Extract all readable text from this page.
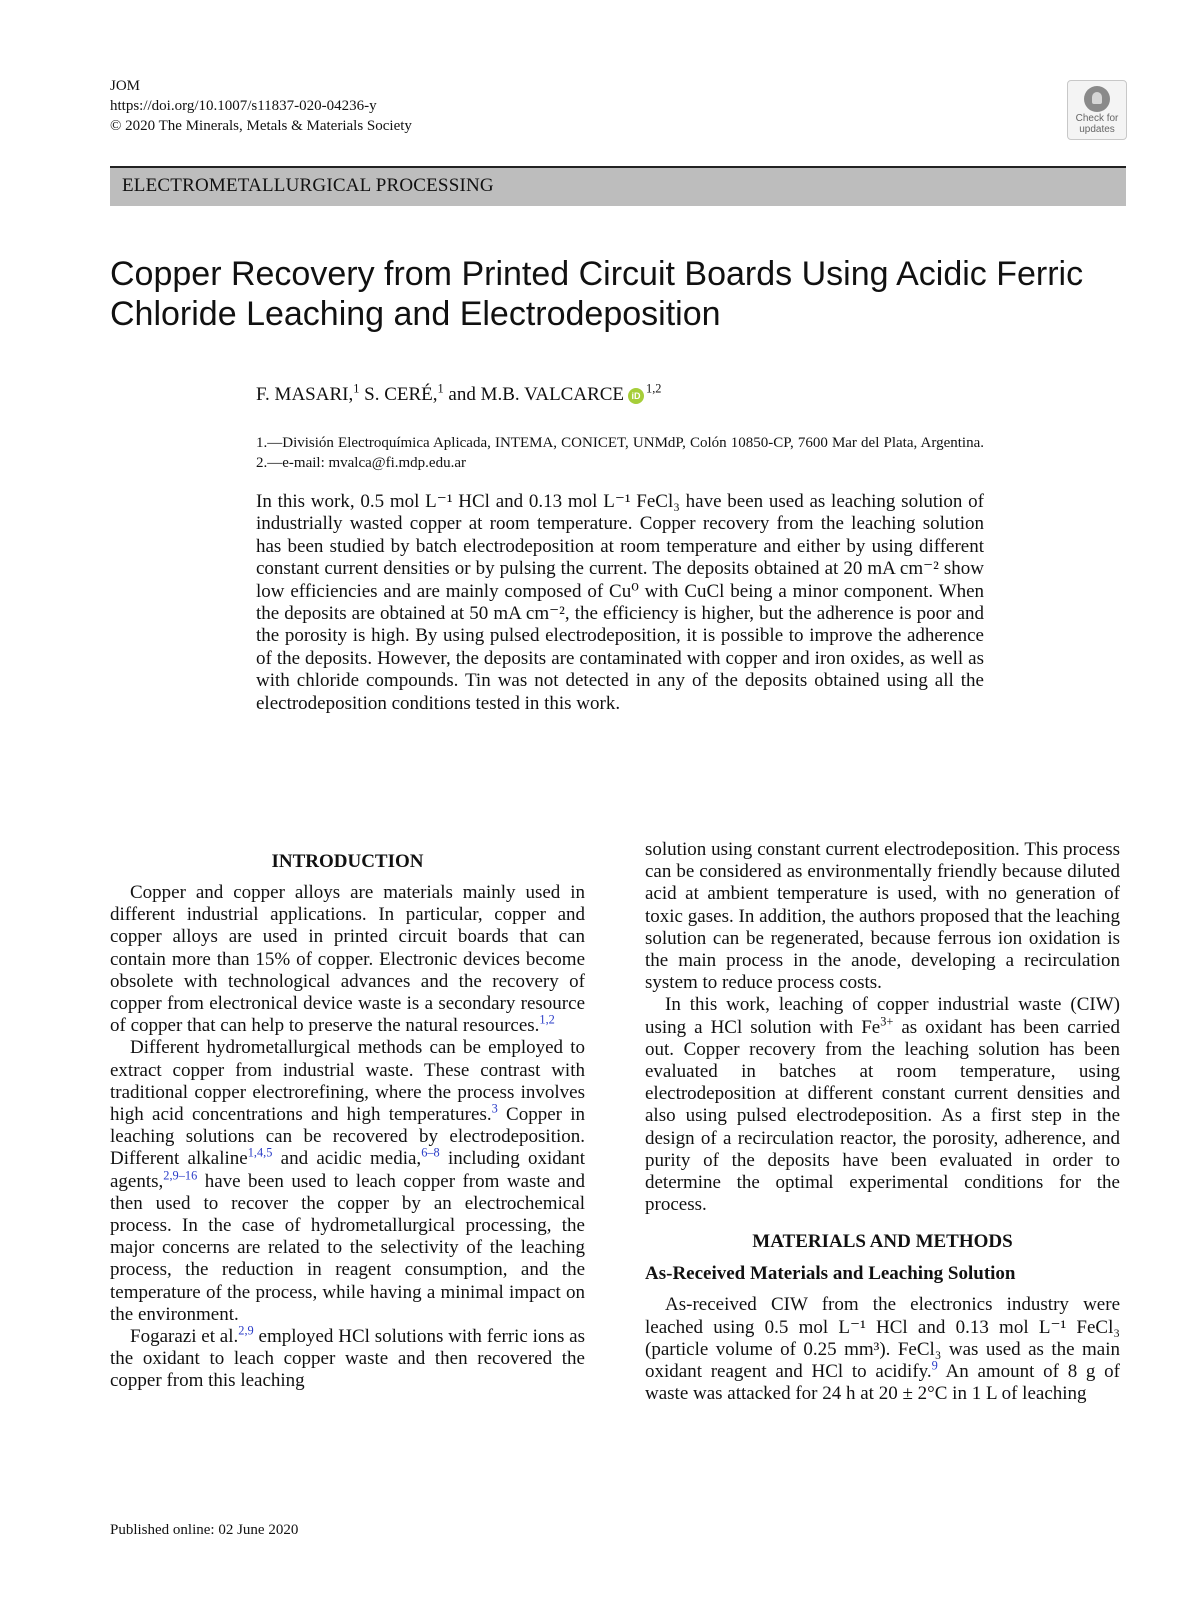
JOM
https://doi.org/10.1007/s11837-020-04236-y
© 2020 The Minerals, Metals & Materials Society	Check for
updates
ELECTROMETALLURGICAL PROCESSING
Copper Recovery from Printed Circuit Boards Using Acidic Ferric Chloride Leaching and Electrodeposition
F. MASARI,$^1$ S. CERÉ,$^1$ and M.B. VALCARCE iD$^{1,2}$
1.—División Electroquímica Aplicada, INTEMA, CONICET, UNMdP, Colón 10850-CP, 7600 Mar del Plata, Argentina. 2.—e-mail: mvalca@fi.mdp.edu.ar
In this work, 0.5 mol L⁻¹ HCl and 0.13 mol L⁻¹ FeCl₃ have been used as leaching solution of industrially wasted copper at room temperature. Copper recovery from the leaching solution has been studied by batch electrodeposition at room temperature and either by using different constant current densities or by pulsing the current. The deposits obtained at 20 mA cm⁻² show low efficiencies and are mainly composed of Cu⁰ with CuCl being a minor component. When the deposits are obtained at 50 mA cm⁻², the efficiency is higher, but the adherence is poor and the porosity is high. By using pulsed electrodeposition, it is possible to improve the adherence of the deposits. However, the deposits are contaminated with copper and iron oxides, as well as with chloride compounds. Tin was not detected in any of the deposits obtained using all the electrodeposition conditions tested in this work.
INTRODUCTION

Copper and copper alloys are materials mainly used in different industrial applications. In particular, copper and copper alloys are used in printed circuit boards that can contain more than 15% of copper. Electronic devices become obsolete with technological advances and the recovery of copper from electronical device waste is a secondary resource of copper that can help to preserve the natural resources.$^{1,2}$

Different hydrometallurgical methods can be employed to extract copper from industrial waste. These contrast with traditional copper electrorefining, where the process involves high acid concentrations and high temperatures.$^3$ Copper in leaching solutions can be recovered by electrodeposition. Different alkaline$^{1,4,5}$ and acidic media,$^{6-8}$ including oxidant agents,$^{2,9-16}$ have been used to leach copper from waste and then used to recover the copper by an electrochemical process. In the case of hydrometallurgical processing, the major concerns are related to the selectivity of the leaching process, the reduction in reagent consumption, and the temperature of the process, while having a minimal impact on the environment.

Fogarazi et al.$^{2,9}$ employed HCl solutions with ferric ions as the oxidant to leach copper waste and then recovered the copper from this leaching

solution using constant current electrodeposition. This process can be considered as environmentally friendly because diluted acid at ambient temperature is used, with no generation of toxic gases. In addition, the authors proposed that the leaching solution can be regenerated, because ferrous ion oxidation is the main process in the anode, developing a recirculation system to reduce process costs.

In this work, leaching of copper industrial waste (CIW) using a HCl solution with $Fe^{3+}$ as oxidant has been carried out. Copper recovery from the leaching solution has been evaluated in batches at room temperature, using electrodeposition at different constant current densities and also using pulsed electrodeposition. As a first step in the design of a recirculation reactor, the porosity, adherence, and purity of the deposits have been evaluated in order to determine the optimal experimental conditions for the process.

MATERIALS AND METHODS
As-Received Materials and Leaching Solution

As-received CIW from the electronics industry were leached using 0.5 mol L⁻¹ HCl and 0.13 mol L⁻¹ FeCl₃ (particle volume of 0.25 mm³). FeCl₃ was used as the main oxidant reagent and HCl to acidify.$^9$ An amount of 8 g of waste was attacked for 24 h at 20 ± 2°C in 1 L of leaching

Published online: 02 June 2020
